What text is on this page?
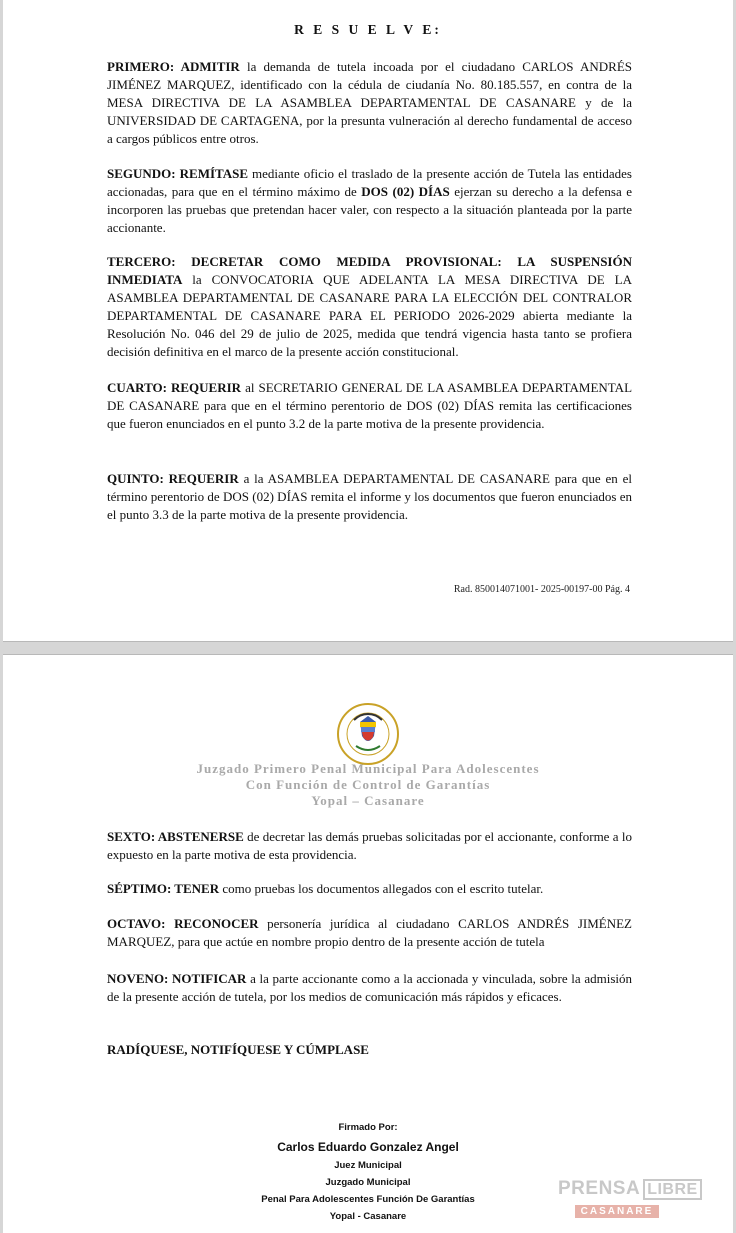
R E S U E L V E:

PRIMERO: ADMITIR la demanda de tutela incoada por el ciudadano CARLOS ANDRÉS JIMÉNEZ MARQUEZ, identificado con la cédula de ciudanía No. 80.185.557, en contra de la MESA DIRECTIVA DE LA ASAMBLEA DEPARTAMENTAL DE CASANARE y de la UNIVERSIDAD DE CARTAGENA, por la presunta vulneración al derecho fundamental de acceso a cargos públicos entre otros.

SEGUNDO: REMÍTASE mediante oficio el traslado de la presente acción de Tutela las entidades accionadas, para que en el término máximo de DOS (02) DÍAS ejerzan su derecho a la defensa e incorporen las pruebas que pretendan hacer valer, con respecto a la situación planteada por la parte accionante.

TERCERO: DECRETAR COMO MEDIDA PROVISIONAL: LA SUSPENSIÓN INMEDIATA la CONVOCATORIA QUE ADELANTA LA MESA DIRECTIVA DE LA ASAMBLEA DEPARTAMENTAL DE CASANARE PARA LA ELECCIÓN DEL CONTRALOR DEPARTAMENTAL DE CASANARE PARA EL PERIODO 2026-2029 abierta mediante la Resolución No. 046 del 29 de julio de 2025, medida que tendrá vigencia hasta tanto se profiera decisión definitiva en el marco de la presente acción constitucional.

CUARTO: REQUERIR al SECRETARIO GENERAL DE LA ASAMBLEA DEPARTAMENTAL DE CASANARE para que en el término perentorio de DOS (02) DÍAS remita las certificaciones que fueron enunciados en el punto 3.2 de la parte motiva de la presente providencia.

QUINTO: REQUERIR a la ASAMBLEA DEPARTAMENTAL DE CASANARE para que en el término perentorio de DOS (02) DÍAS remita el informe y los documentos que fueron enunciados en el punto 3.3 de la parte motiva de la presente providencia.

Rad. 850014071001- 2025-00197-00 Pág. 4
Juzgado Primero Penal Municipal Para Adolescentes
Con Función de Control de Garantías
Yopal – Casanare

SEXTO: ABSTENERSE de decretar las demás pruebas solicitadas por el accionante, conforme a lo expuesto en la parte motiva de esta providencia.

SÉPTIMO: TENER como pruebas los documentos allegados con el escrito tutelar.

OCTAVO: RECONOCER personería jurídica al ciudadano CARLOS ANDRÉS JIMÉNEZ MARQUEZ, para que actúe en nombre propio dentro de la presente acción de tutela

NOVENO: NOTIFICAR a la parte accionante como a la accionada y vinculada, sobre la admisión de la presente acción de tutela, por los medios de comunicación más rápidos y eficaces.

RADÍQUESE, NOTIFÍQUESE Y CÚMPLASE

Firmado Por:
Carlos Eduardo Gonzalez Angel
Juez Municipal
Juzgado Municipal
Penal Para Adolescentes Función De Garantías
Yopal - Casanare
PRENSA LIBRE
CASANARE
